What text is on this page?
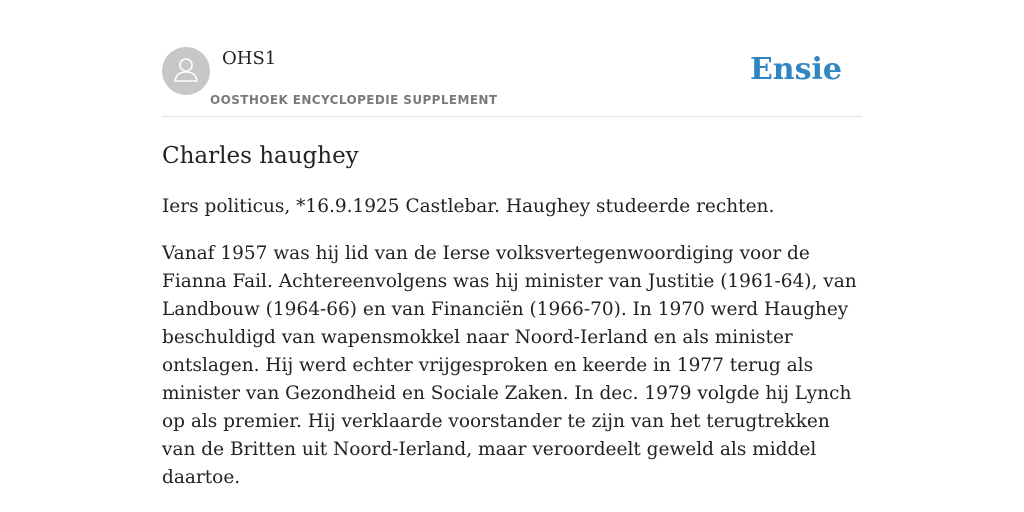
OHS1
OOSTHOEK ENCYCLOPEDIE SUPPLEMENT
Ensie
Charles haughey

Iers politicus, *16.9.1925 Castlebar. Haughey studeerde rechten.

Vanaf 1957 was hij lid van de Ierse volksvertegenwoordiging voor de Fianna Fail. Achtereenvolgens was hij minister van Justitie (1961-64), van Landbouw (1964-66) en van Financiën (1966-70). In 1970 werd Haughey beschuldigd van wapensmokkel naar Noord-Ierland en als minister ontslagen. Hij werd echter vrijgesproken en keerde in 1977 terug als minister van Gezondheid en Sociale Zaken. In dec. 1979 volgde hij Lynch op als premier. Hij verklaarde voorstander te zijn van het terugtrekken van de Britten uit Noord-Ierland, maar veroordeelt geweld als middel daartoe.
